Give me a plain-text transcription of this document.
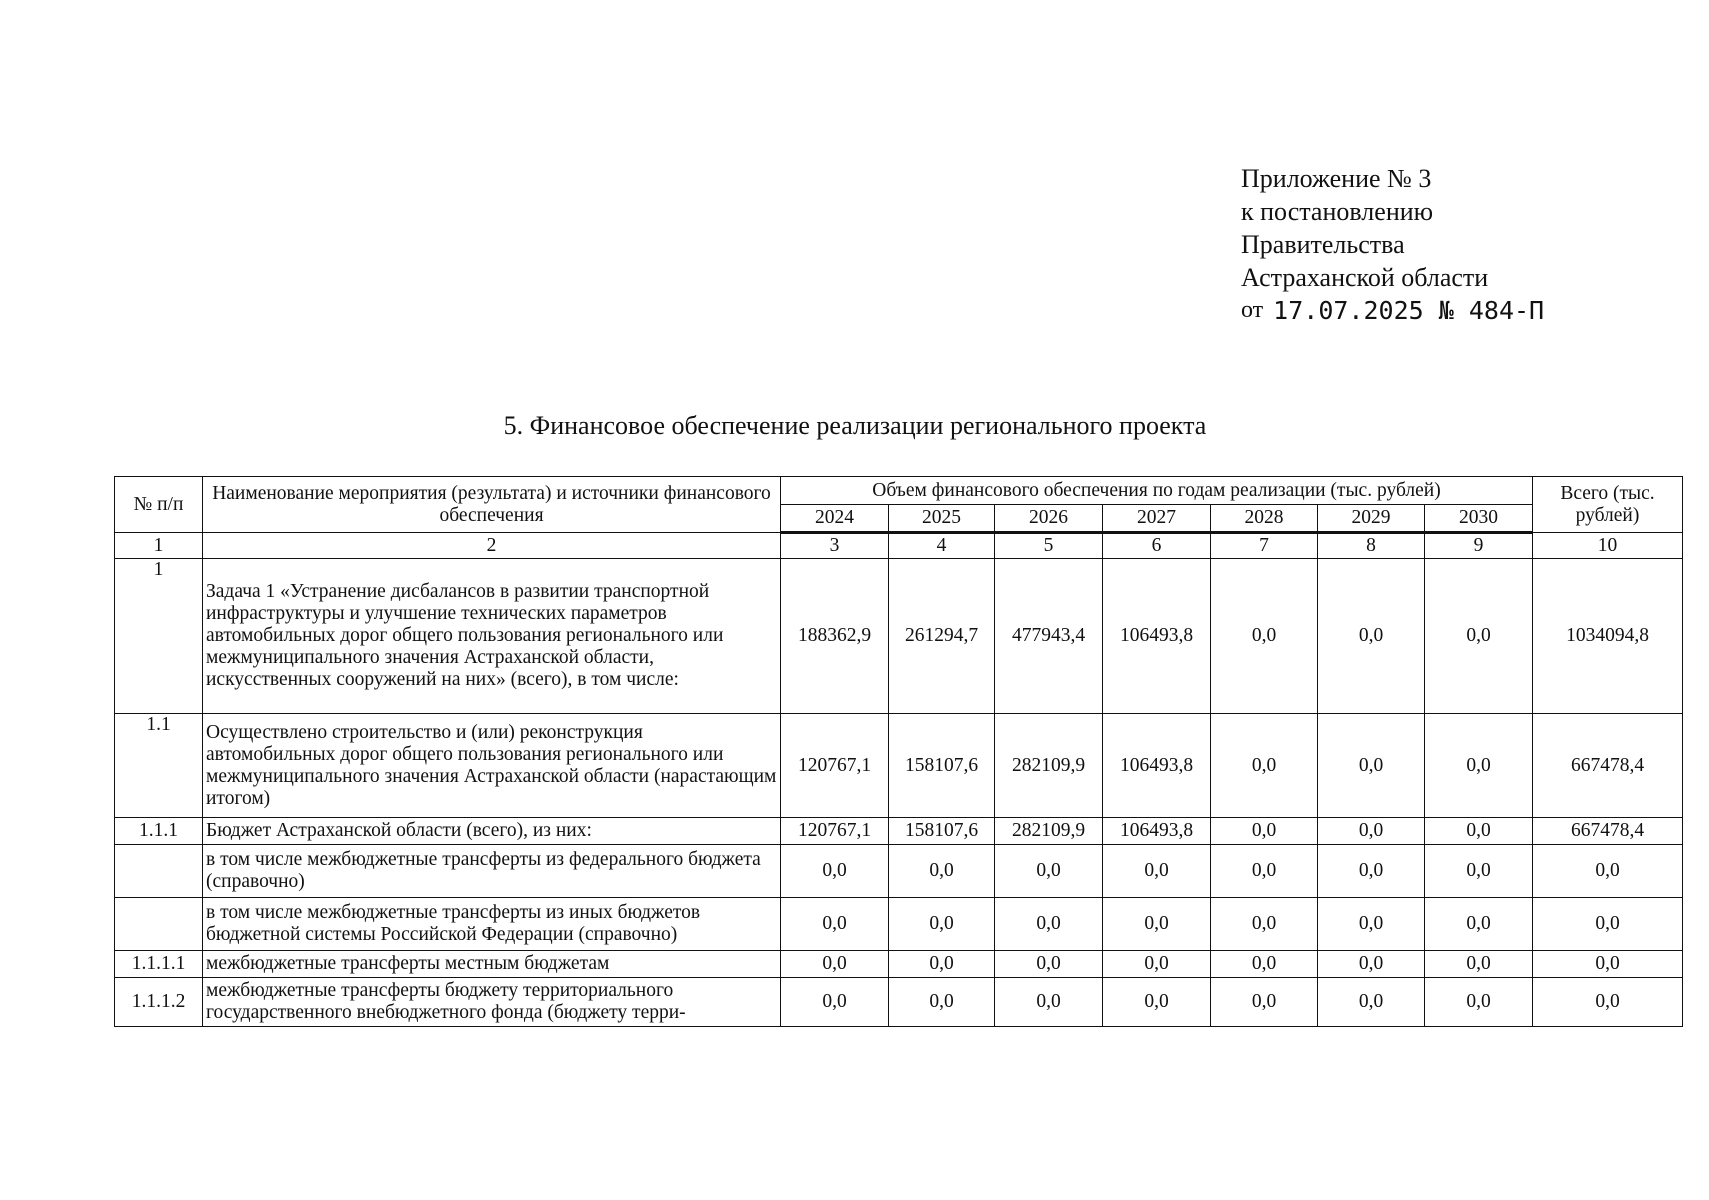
Приложение № 3
к постановлению
Правительства
Астраханской области
от 17.07.2025 № 484-П
5. Финансовое обеспечение реализации регионального проекта
№ п/п	Наименование мероприятия (результата) и источники финансового обеспечения	Объем финансового обеспечения по годам реализации (тыс. рублей)							Всего (тыс. рублей)
		2024	2025	2026	2027	2028	2029	2030	
1	2	3	4	5	6	7	8	9	10
1	Задача 1 «Устранение дисбалансов в развитии транспортной инфраструктуры и улучшение технических параметров автомобильных дорог общего пользования регионального или межмуниципального значения Астраханской области, искусственных сооружений на них» (всего), в том числе:	188362,9	261294,7	477943,4	106493,8	0,0	0,0	0,0	1034094,8
1.1	Осуществлено строительство и (или) реконструкция автомобильных дорог общего пользования регионального или межмуниципального значения Астраханской области (нарастающим итогом)	120767,1	158107,6	282109,9	106493,8	0,0	0,0	0,0	667478,4
1.1.1	Бюджет Астраханской области (всего), из них:	120767,1	158107,6	282109,9	106493,8	0,0	0,0	0,0	667478,4
	в том числе межбюджетные трансферты из федерального бюджета (справочно)	0,0	0,0	0,0	0,0	0,0	0,0	0,0	0,0
	в том числе межбюджетные трансферты из иных бюджетов бюджетной системы Российской Федерации (справочно)	0,0	0,0	0,0	0,0	0,0	0,0	0,0	0,0
1.1.1.1	межбюджетные трансферты местным бюджетам	0,0	0,0	0,0	0,0	0,0	0,0	0,0	0,0
1.1.1.2	межбюджетные трансферты бюджету территориального государственного внебюджетного фонда (бюджету терри-	0,0	0,0	0,0	0,0	0,0	0,0	0,0	0,0
